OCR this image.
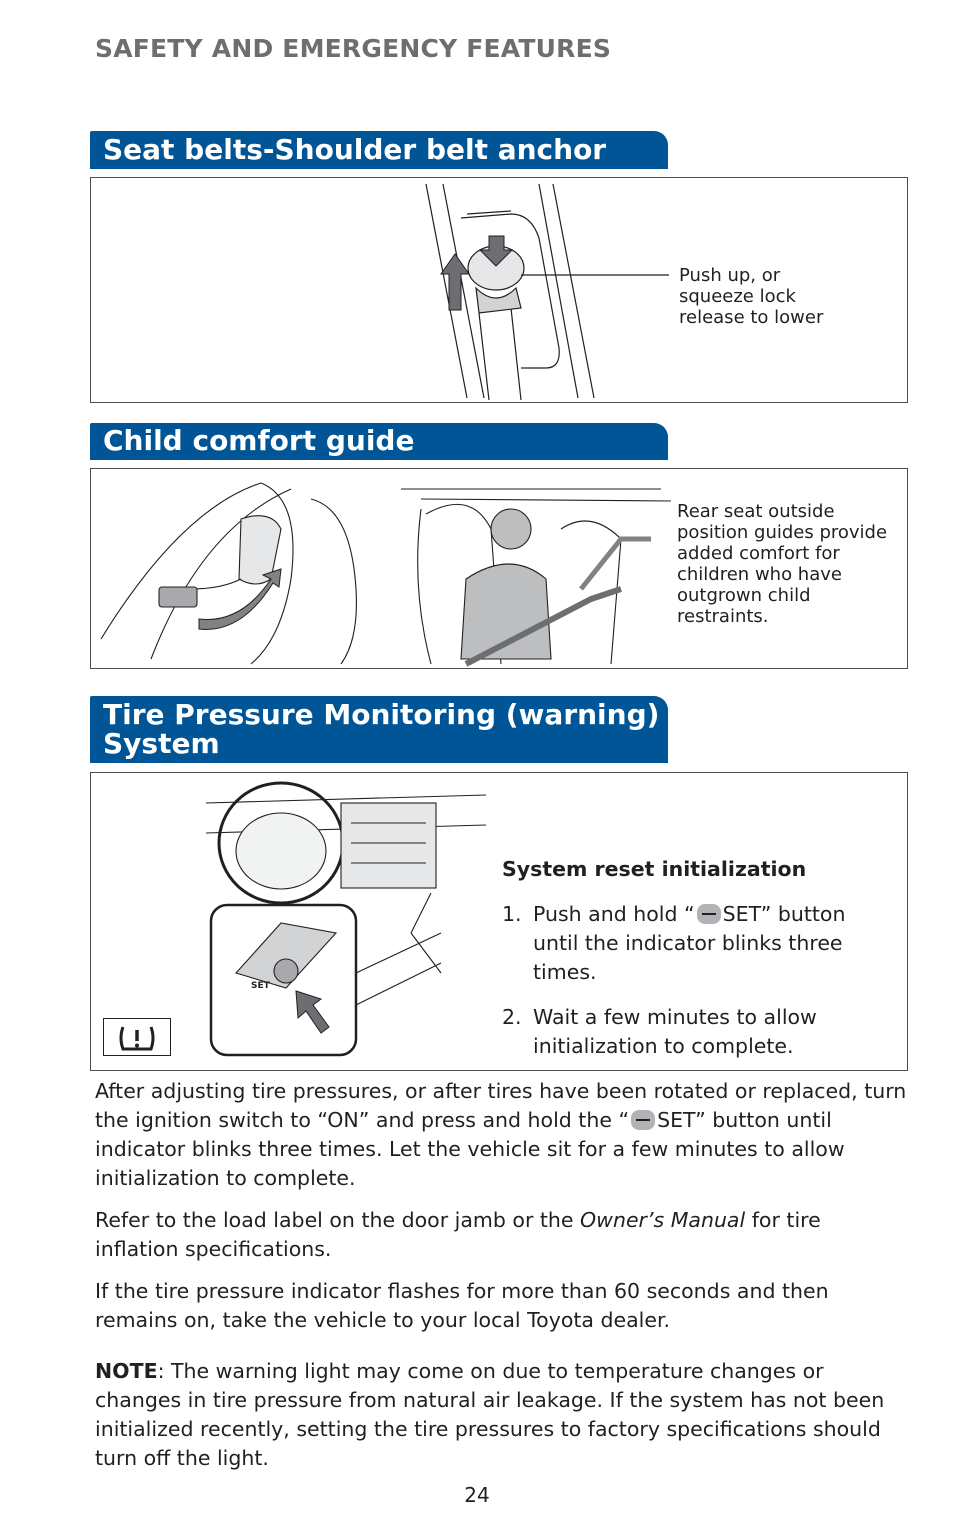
SAFETY AND EMERGENCY FEATURES
Seat belts-Shoulder belt anchor
Push up, or
squeeze lock
release to lower
Child comfort guide
Rear seat outside
position guides provide
added comfort for
children who have
outgrown child
restraints.
Tire Pressure Monitoring (warning)
System
SET
System reset initialization
1. Push and hold “ SET” button
until the indicator blinks three
times.
2. Wait a few minutes to allow
initialization to complete.

After adjusting tire pressures, or after tires have been rotated or replaced, turn the ignition switch to “ON” and press and hold the “ SET” button until indicator blinks three times. Let the vehicle sit for a few minutes to allow initialization to complete.

Refer to the load label on the door jamb or the Owner’s Manual for tire inflation specifications.

If the tire pressure indicator flashes for more than 60 seconds and then remains on, take the vehicle to your local Toyota dealer.

NOTE: The warning light may come on due to temperature changes or changes in tire pressure from natural air leakage. If the system has not been initialized recently, setting the tire pressures to factory specifications should turn off the light.

24
